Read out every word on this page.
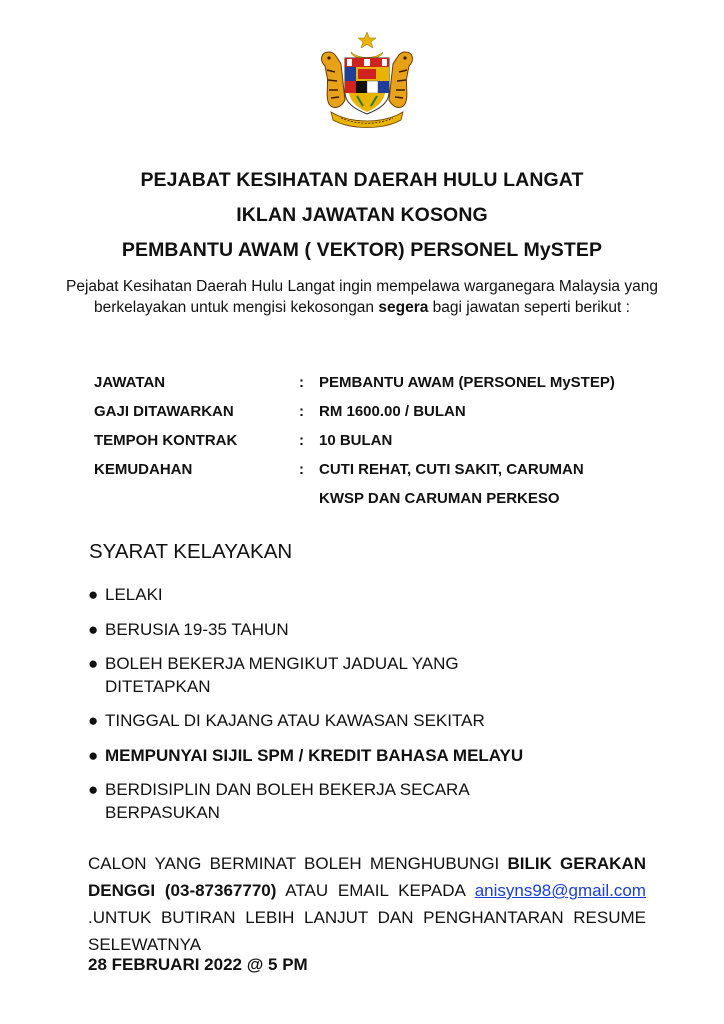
PEJABAT KESIHATAN DAERAH HULU LANGAT
IKLAN JAWATAN KOSONG
PEMBANTU AWAM ( VEKTOR) PERSONEL MySTEP
Pejabat Kesihatan Daerah Hulu Langat ingin mempelawa warganegara Malaysia yang berkelayakan untuk mengisi kekosongan segera bagi jawatan seperti berikut :
JAWATAN	:	PEMBANTU AWAM (PERSONEL MySTEP)
GAJI DITAWARKAN	:	RM 1600.00 / BULAN
TEMPOH KONTRAK	:	10 BULAN
KEMUDAHAN	:	CUTI REHAT, CUTI SAKIT, CARUMAN
KWSP DAN CARUMAN PERKESO
SYARAT KELAYAKAN
● LELAKI
● BERUSIA 19-35 TAHUN
● BOLEH BEKERJA MENGIKUT JADUAL YANG DITETAPKAN
● TINGGAL DI KAJANG ATAU KAWASAN SEKITAR
● MEMPUNYAI SIJIL SPM / KREDIT BAHASA MELAYU
● BERDISIPLIN DAN BOLEH BEKERJA SECARA BERPASUKAN
CALON YANG BERMINAT BOLEH MENGHUBUNGI BILIK GERAKAN DENGGI (03-87367770) ATAU EMAIL KEPADA anisyns98@gmail.com .UNTUK BUTIRAN LEBIH LANJUT DAN PENGHANTARAN RESUME SELEWATNYA
28 FEBRUARI 2022 @ 5 PM
